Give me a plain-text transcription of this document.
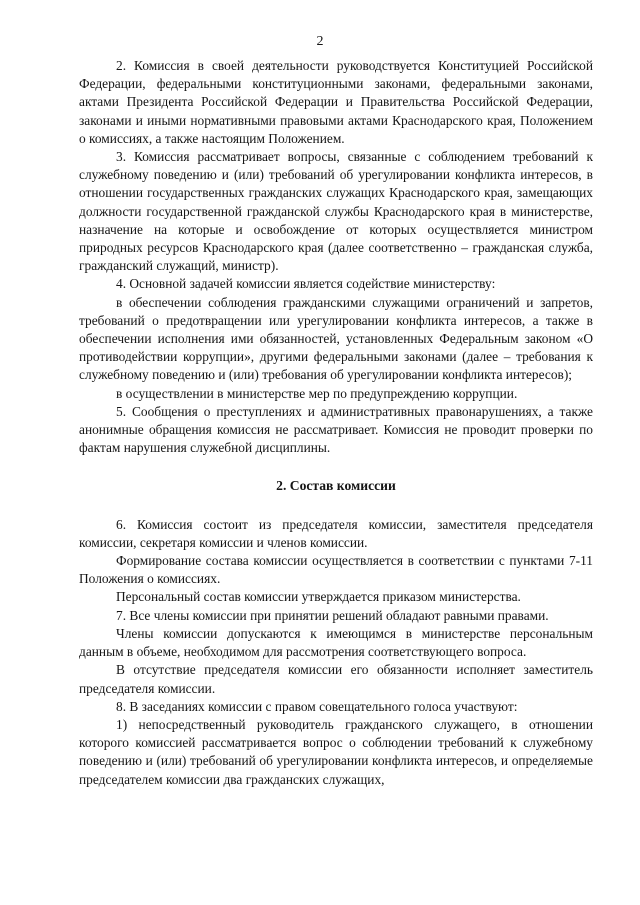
2

2. Комиссия в своей деятельности руководствуется Конституцией Российской Федерации, федеральными конституционными законами, федеральными законами, актами Президента Российской Федерации и Правительства Российской Федерации, законами и иными нормативными правовыми актами Краснодарского края, Положением о комиссиях, а также настоящим Положением.

3. Комиссия рассматривает вопросы, связанные с соблюдением требований к служебному поведению и (или) требований об урегулировании конфликта интересов, в отношении государственных гражданских служащих Краснодарского края, замещающих должности государственной гражданской службы Краснодарского края в министерстве, назначение на которые и освобождение от которых осуществляется министром природных ресурсов Краснодарского края (далее соответственно – гражданская служба, гражданский служащий, министр).

4. Основной задачей комиссии является содействие министерству:

в обеспечении соблюдения гражданскими служащими ограничений и запретов, требований о предотвращении или урегулировании конфликта интересов, а также в обеспечении исполнения ими обязанностей, установленных Федеральным законом «О противодействии коррупции», другими федеральными законами (далее – требования к служебному поведению и (или) требования об урегулировании конфликта интересов);

в осуществлении в министерстве мер по предупреждению коррупции.

5. Сообщения о преступлениях и административных правонарушениях, а также анонимные обращения комиссия не рассматривает. Комиссия не проводит проверки по фактам нарушения служебной дисциплины.

2. Состав комиссии

6. Комиссия состоит из председателя комиссии, заместителя председателя комиссии, секретаря комиссии и членов комиссии.

Формирование состава комиссии осуществляется в соответствии с пунктами 7-11 Положения о комиссиях.

Персональный состав комиссии утверждается приказом министерства.

7. Все члены комиссии при принятии решений обладают равными правами.

Члены комиссии допускаются к имеющимся в министерстве персональным данным в объеме, необходимом для рассмотрения соответствующего вопроса.

В отсутствие председателя комиссии его обязанности исполняет заместитель председателя комиссии.

8. В заседаниях комиссии с правом совещательного голоса участвуют:

1) непосредственный руководитель гражданского служащего, в отношении которого комиссией рассматривается вопрос о соблюдении требований к служебному поведению и (или) требований об урегулировании конфликта интересов, и определяемые председателем комиссии два гражданских служащих,
